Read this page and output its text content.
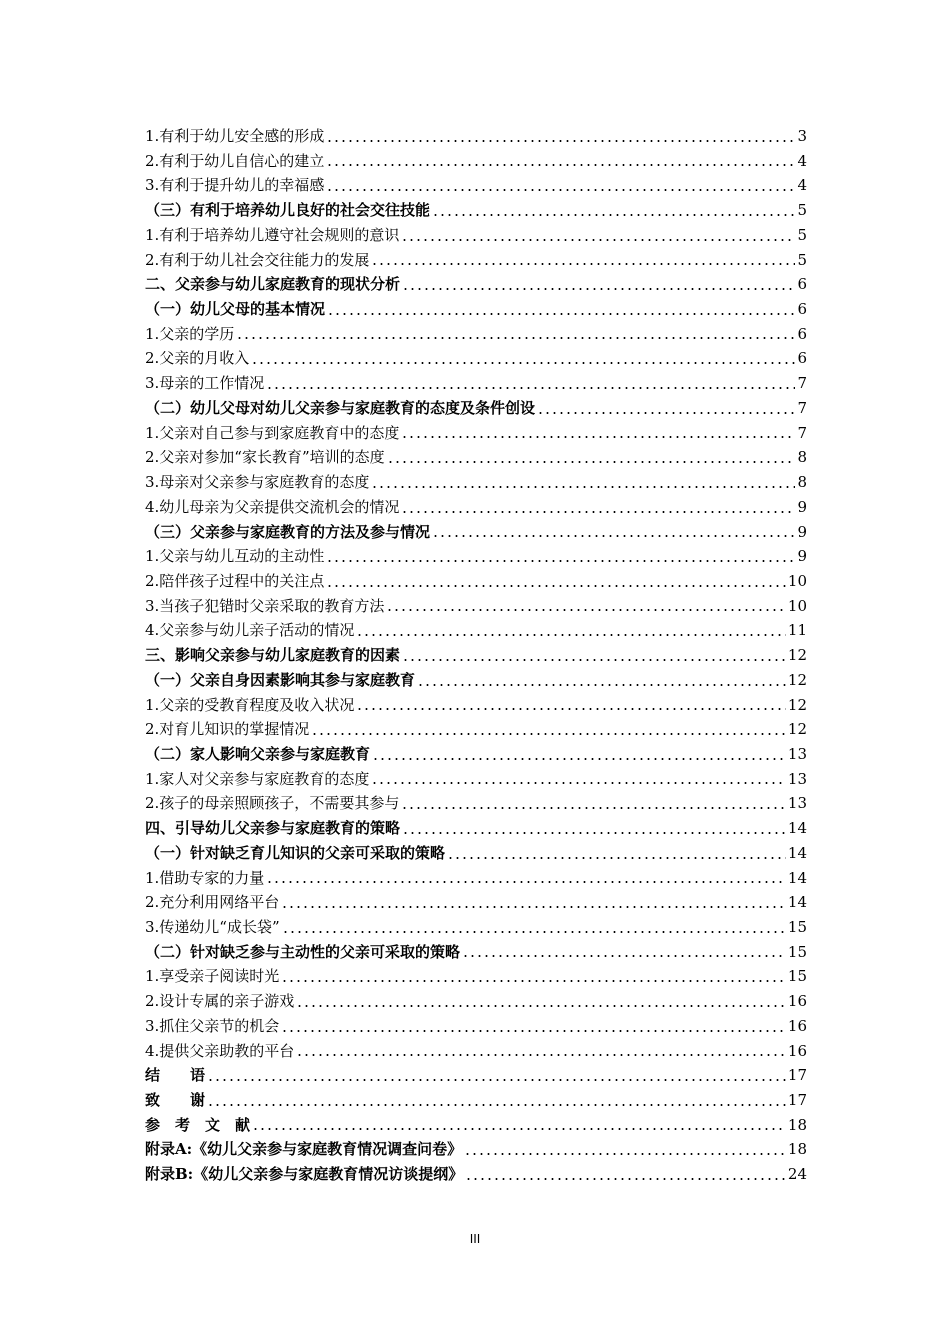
1.有利于幼儿安全感的形成	3
2.有利于幼儿自信心的建立	4
3.有利于提升幼儿的幸福感	4
（三）有利于培养幼儿良好的社会交往技能	5
1.有利于培养幼儿遵守社会规则的意识	5
2.有利于幼儿社会交往能力的发展	5
二、父亲参与幼儿家庭教育的现状分析	6
（一）幼儿父母的基本情况	6
1.父亲的学历	6
2.父亲的月收入	6
3.母亲的工作情况	7
（二）幼儿父母对幼儿父亲参与家庭教育的态度及条件创设	7
1.父亲对自己参与到家庭教育中的态度	7
2.父亲对参加“家长教育”培训的态度	8
3.母亲对父亲参与家庭教育的态度	8
4.幼儿母亲为父亲提供交流机会的情况	9
（三）父亲参与家庭教育的方法及参与情况	9
1.父亲与幼儿互动的主动性	9
2.陪伴孩子过程中的关注点	10
3.当孩子犯错时父亲采取的教育方法	10
4.父亲参与幼儿亲子活动的情况	11
三、影响父亲参与幼儿家庭教育的因素	12
（一）父亲自身因素影响其参与家庭教育	12
1.父亲的受教育程度及收入状况	12
2.对育儿知识的掌握情况	12
（二）家人影响父亲参与家庭教育	13
1.家人对父亲参与家庭教育的态度	13
2.孩子的母亲照顾孩子，不需要其参与	13
四、引导幼儿父亲参与家庭教育的策略	14
（一）针对缺乏育儿知识的父亲可采取的策略	14
1.借助专家的力量	14
2.充分利用网络平台	14
3.传递幼儿“成长袋”	15
（二）针对缺乏参与主动性的父亲可采取的策略	15
1.享受亲子阅读时光	15
2.设计专属的亲子游戏	16
3.抓住父亲节的机会	16
4.提供父亲助教的平台	16
结　　语	17
致　　谢	17
参　考　文　献	18
附录A:《幼儿父亲参与家庭教育情况调查问卷》	18
附录B:《幼儿父亲参与家庭教育情况访谈提纲》	24
III
